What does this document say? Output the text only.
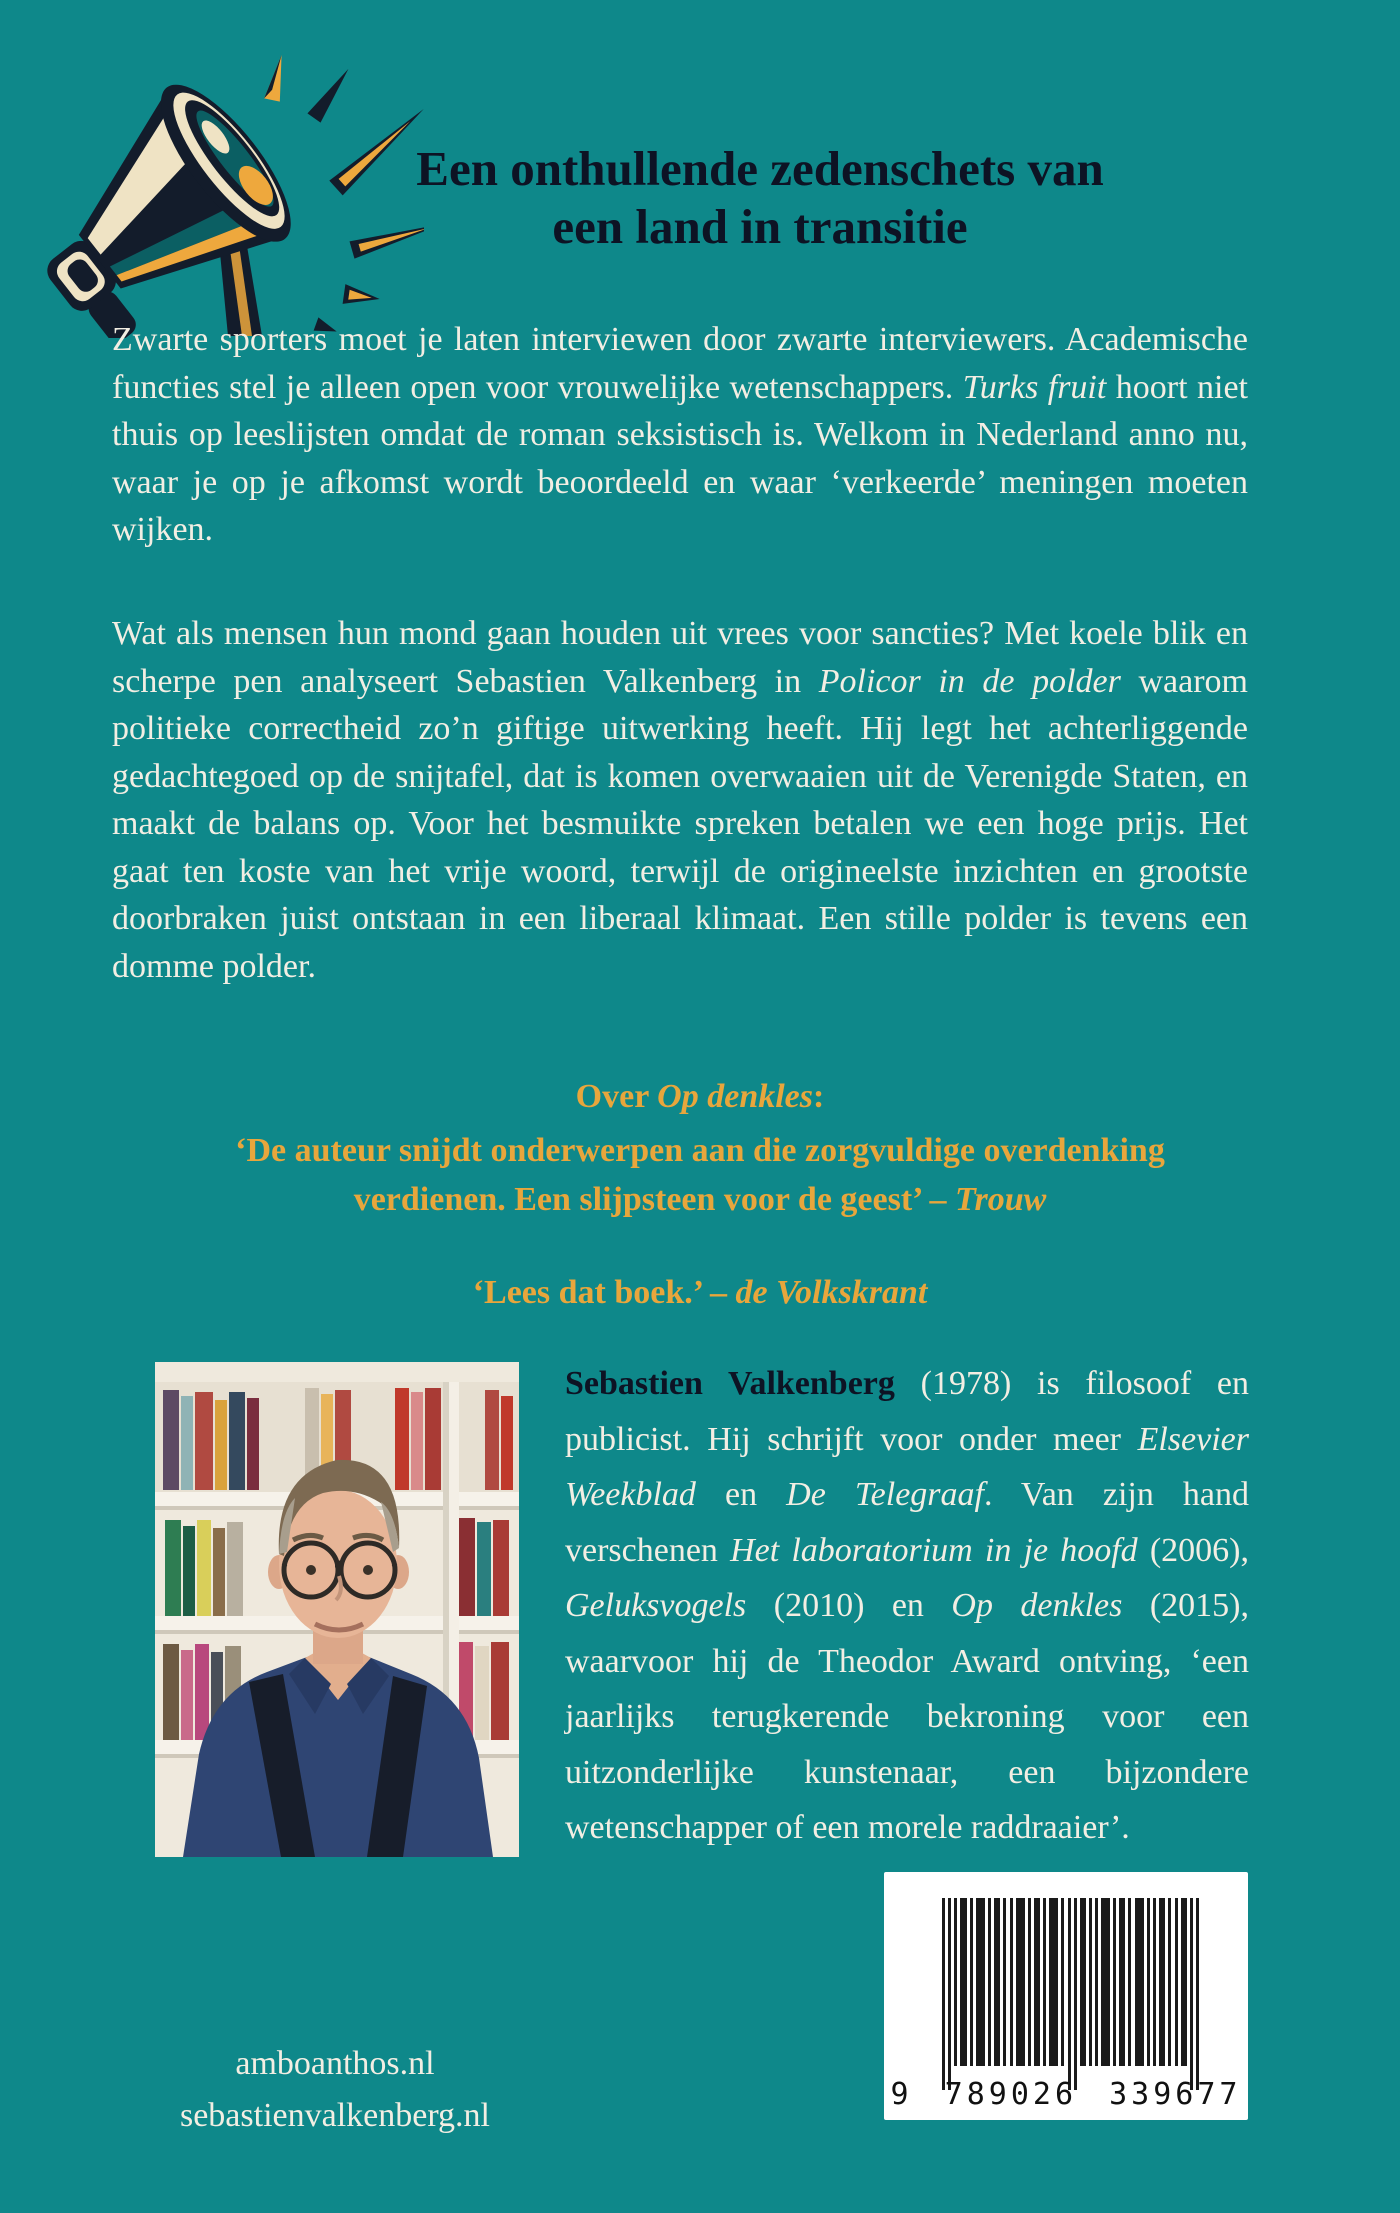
Een onthullende zedenschets van
een land in transitie
Zwarte sporters moet je laten interviewen door zwarte interviewers. Academische functies stel je alleen open voor vrouwelijke wetenschappers. Turks fruit hoort niet thuis op leeslijsten omdat de roman seksistisch is. Welkom in Nederland anno nu, waar je op je afkomst wordt beoordeeld en waar ‘verkeerde’ meningen moeten wijken.
Wat als mensen hun mond gaan houden uit vrees voor sancties? Met koele blik en scherpe pen analyseert Sebastien Valkenberg in Policor in de polder waarom politieke correctheid zo’n giftige uitwerking heeft. Hij legt het achterliggende gedachtegoed op de snijtafel, dat is komen overwaaien uit de Verenigde Staten, en maakt de balans op. Voor het besmuikte spreken betalen we een hoge prijs. Het gaat ten koste van het vrije woord, terwijl de origineelste inzichten en grootste doorbraken juist ontstaan in een liberaal klimaat. Een stille polder is tevens een domme polder.
Over Op denkles:
‘De auteur snijdt onderwerpen aan die zorgvuldige overdenking
verdienen. Een slijpsteen voor de geest’ – Trouw
‘Lees dat boek.’ – de Volkskrant
Sebastien Valkenberg (1978) is filosoof en publicist. Hij schrijft voor onder meer Elsevier Weekblad en De Telegraaf. Van zijn hand verschenen Het laboratorium in je hoofd (2006), Geluksvogels (2010) en Op denkles (2015), waarvoor hij de Theodor Award ontving, ‘een jaarlijks terugkerende bekroning voor een uitzonderlijke kunstenaar, een bijzondere wetenschapper of een morele raddraaier’.
amboanthos.nl
sebastienvalkenberg.nl
9 789026 339677
